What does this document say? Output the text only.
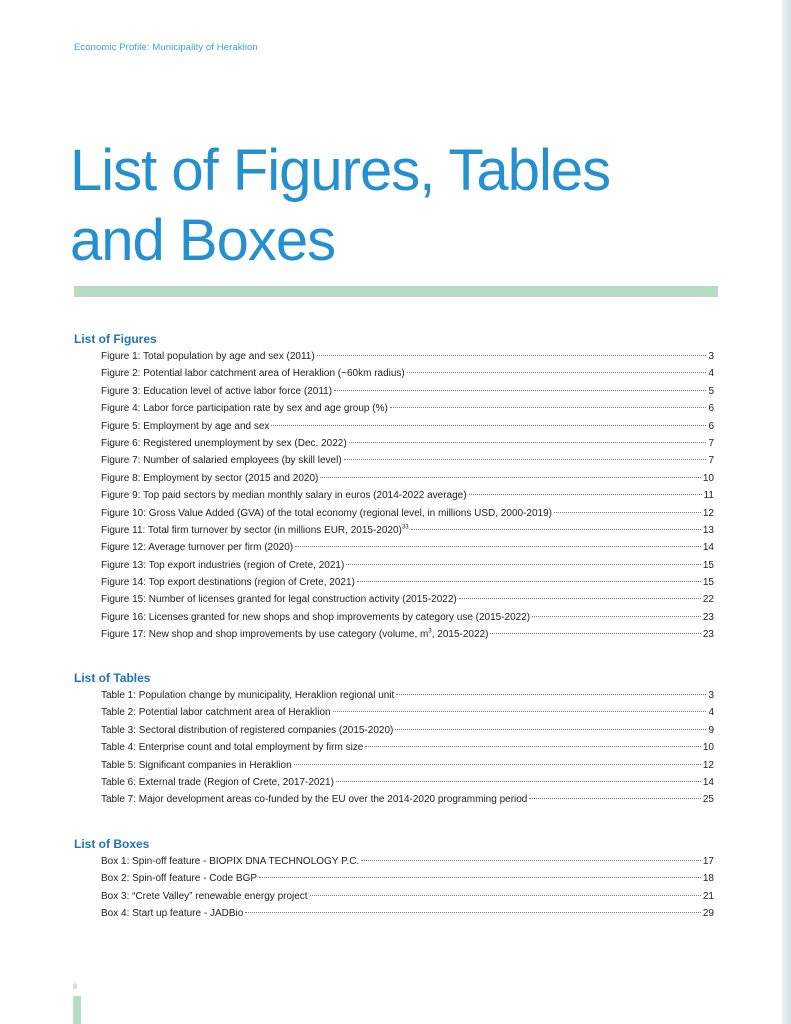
Economic Profile: Municipality of Heraklion
List of Figures, Tables
and Boxes
List of Figures
Figure 1: Total population by age and sex (2011)	3
Figure 2: Potential labor catchment area of Heraklion (~60km radius)	4
Figure 3: Education level of active labor force (2011)	5
Figure 4: Labor force participation rate by sex and age group (%)	6
Figure 5: Employment by age and sex	6
Figure 6: Registered unemployment by sex (Dec. 2022)	7
Figure 7: Number of salaried employees (by skill level)	7
Figure 8: Employment by sector (2015 and 2020)	10
Figure 9: Top paid sectors by median monthly salary in euros (2014-2022 average)	11
Figure 10: Gross Value Added (GVA) of the total economy (regional level, in millions USD, 2000-2019)	12
Figure 11: Total firm turnover by sector (in millions EUR, 2015-2020)$^{33}$	13
Figure 12: Average turnover per firm (2020)	14
Figure 13: Top export industries (region of Crete, 2021)	15
Figure 14: Top export destinations (region of Crete, 2021)	15
Figure 15: Number of licenses granted for legal construction activity (2015-2022)	22
Figure 16: Licenses granted for new shops and shop improvements by category use (2015-2022)	23
Figure 17: New shop and shop improvements by use category (volume, $m^3$, 2015-2022)	23
List of Tables
Table 1: Population change by municipality, Heraklion regional unit	3
Table 2: Potential labor catchment area of Heraklion	4
Table 3: Sectoral distribution of registered companies (2015-2020)	9
Table 4: Enterprise count and total employment by firm size	10
Table 5: Significant companies in Heraklion	12
Table 6: External trade (Region of Crete, 2017-2021)	14
Table 7: Major development areas co-funded by the EU over the 2014-2020 programming period	25
List of Boxes
Box 1: Spin-off feature - BIOPIX DNA TECHNOLOGY P.C.	17
Box 2: Spin-off feature - Code BGP	18
Box 3: “Crete Valley” renewable energy project	21
Box 4: Start up feature - JADBio	29
ii
